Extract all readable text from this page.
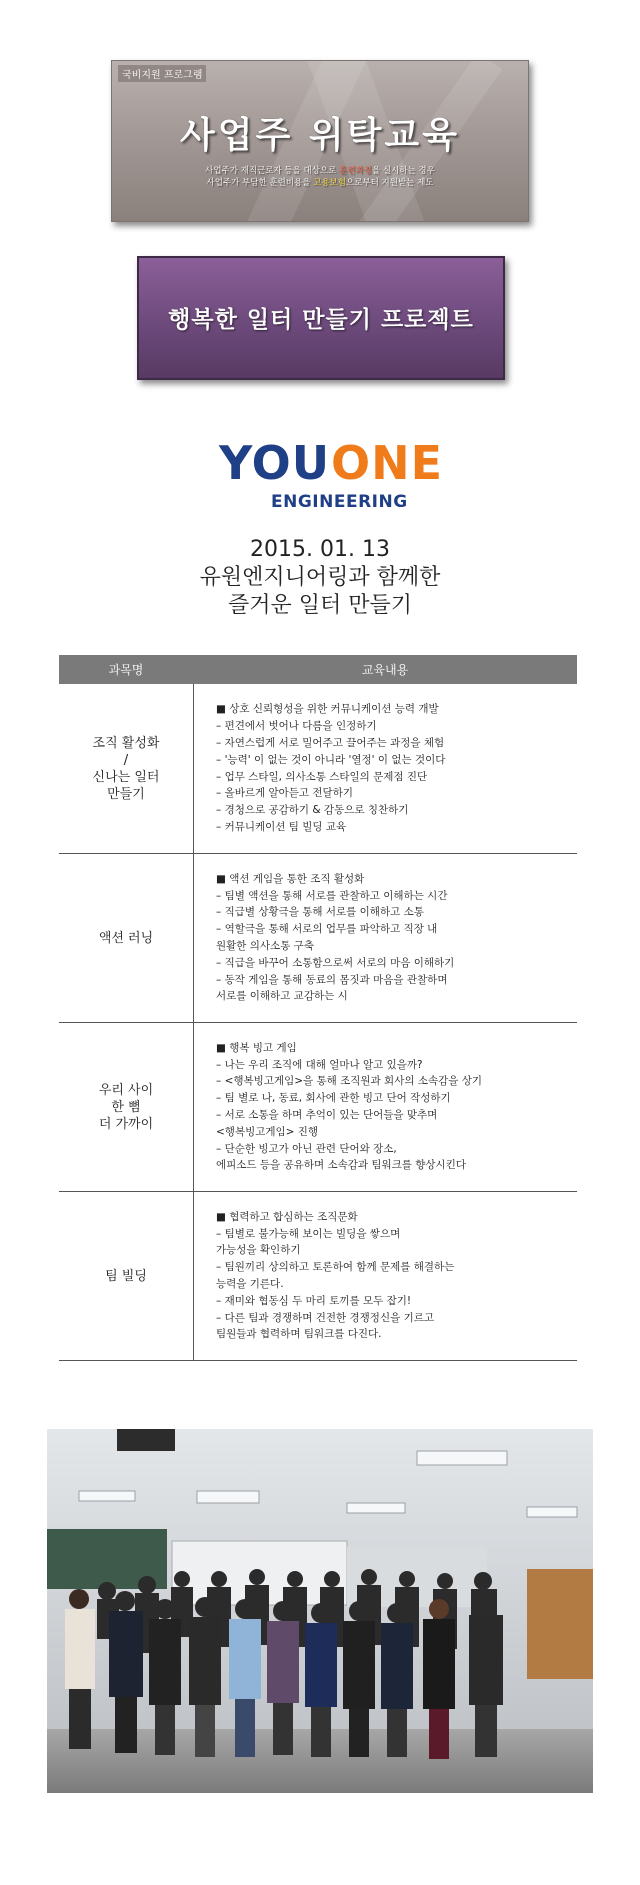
국비지원 프로그램
사업주 위탁교육
사업주가 재직근로자 등을 대상으로 훈련과정을 실시하는 경우
사업주가 부담한 훈련비용을 고용보험으로부터 지원받는 제도
행복한 일터 만들기 프로젝트
YOU ONE
ENGINEERING
2015. 01. 13
유원엔지니어링과 함께한
즐거운 일터 만들기
과목명	교육내용
조직 활성화
/
신나는 일터
만들기
■ 상호 신뢰형성을 위한 커뮤니케이션 능력 개발
– 편견에서 벗어나 다름을 인정하기
– 자연스럽게 서로 밀어주고 끌어주는 과정을 체험
– '능력' 이 없는 것이 아니라 '열정' 이 없는 것이다
– 업무 스타일, 의사소통 스타일의 문제점 진단
– 올바르게 알아듣고 전달하기
– 경청으로 공감하기 & 감동으로 칭찬하기
– 커뮤니케이션 팀 빌딩 교육
액션 러닝
■ 액션 게임을 통한 조직 활성화
– 팀별 액션을 통해 서로를 관찰하고 이해하는 시간
– 직급별 상황극을 통해 서로를 이해하고 소통
– 역할극을 통해 서로의 업무를 파악하고 직장 내
원활한 의사소통 구축
– 직급을 바꾸어 소통함으로써 서로의 마음 이해하기
– 동작 게임을 통해 동료의 몸짓과 마음을 관찰하며
서로를 이해하고 교감하는 시
우리 사이
한 뼘
더 가까이
■ 행복 빙고 게임
– 나는 우리 조직에 대해 얼마나 알고 있을까?
– <행복빙고게임>을 통해 조직원과 회사의 소속감을 상기
– 팀 별로 나, 동료, 회사에 관한 빙고 단어 작성하기
– 서로 소통을 하며 추억이 있는 단어들을 맞추며
<행복빙고게임> 진행
– 단순한 빙고가 아닌 관련 단어와 장소,
에피소드 등을 공유하며 소속감과 팀워크를 향상시킨다
팀 빌딩
■ 협력하고 합심하는 조직문화
– 팀별로 불가능해 보이는 빌딩을 쌓으며
가능성을 확인하기
– 팀원끼리 상의하고 토론하여 함께 문제를 해결하는
능력을 기른다.
– 재미와 협동심 두 마리 토끼를 모두 잡기!
– 다른 팀과 경쟁하며 건전한 경쟁정신을 기르고
팀원들과 협력하며 팀워크를 다진다.
